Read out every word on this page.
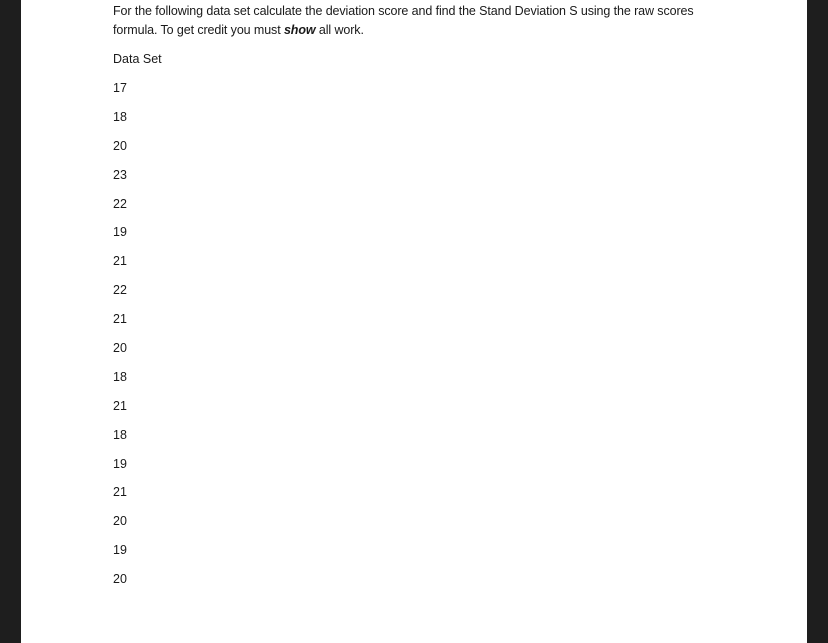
For the following data set calculate the deviation score and find the Stand Deviation S using the raw scores formula. To get credit you must show all work.

Data Set

17
18
20
23
22
19
21
22
21
20
18
21
18
19
21
20
19
20
